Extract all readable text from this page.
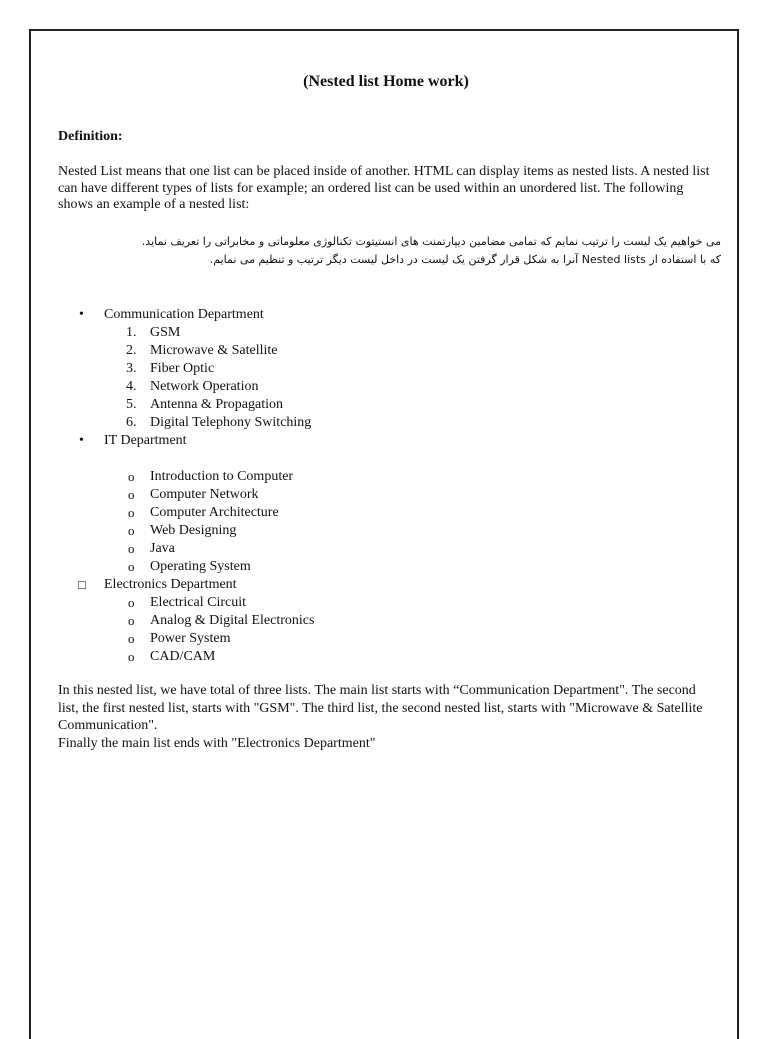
(Nested list Home work)
Definition:
Nested List means that one list can be placed inside of another. HTML can display items as nested lists. A nested list can have different types of lists for example; an ordered list can be used within an unordered list. The following shows an example of a nested list:
می خواهیم یک لیست را ترتیب نمایم که تمامی مضامین دیپارتمنت های انستیتوت تکنالوژی معلوماتی و مخابراتی را تعریف نماید.
که با استفاده از Nested lists آنرا به شکل قرار گرفتن یک لیست در داخل لیست دیگر ترتیب و تنظیم می نمایم.
• Communication Department
1. GSM
2. Microwave & Satellite
3. Fiber Optic
4. Network Operation
5. Antenna & Propagation
6. Digital Telephony Switching
• IT Department
o Introduction to Computer
o Computer Network
o Computer Architecture
o Web Designing
o Java
o Operating System
□ Electronics Department
o Electrical Circuit
o Analog & Digital Electronics
o Power System
o CAD/CAM

In this nested list, we have total of three lists. The main list starts with “Communication Department". The second list, the first nested list, starts with "GSM". The third list, the second nested list, starts with "Microwave & Satellite Communication".

Finally the main list ends with "Electronics Department"
